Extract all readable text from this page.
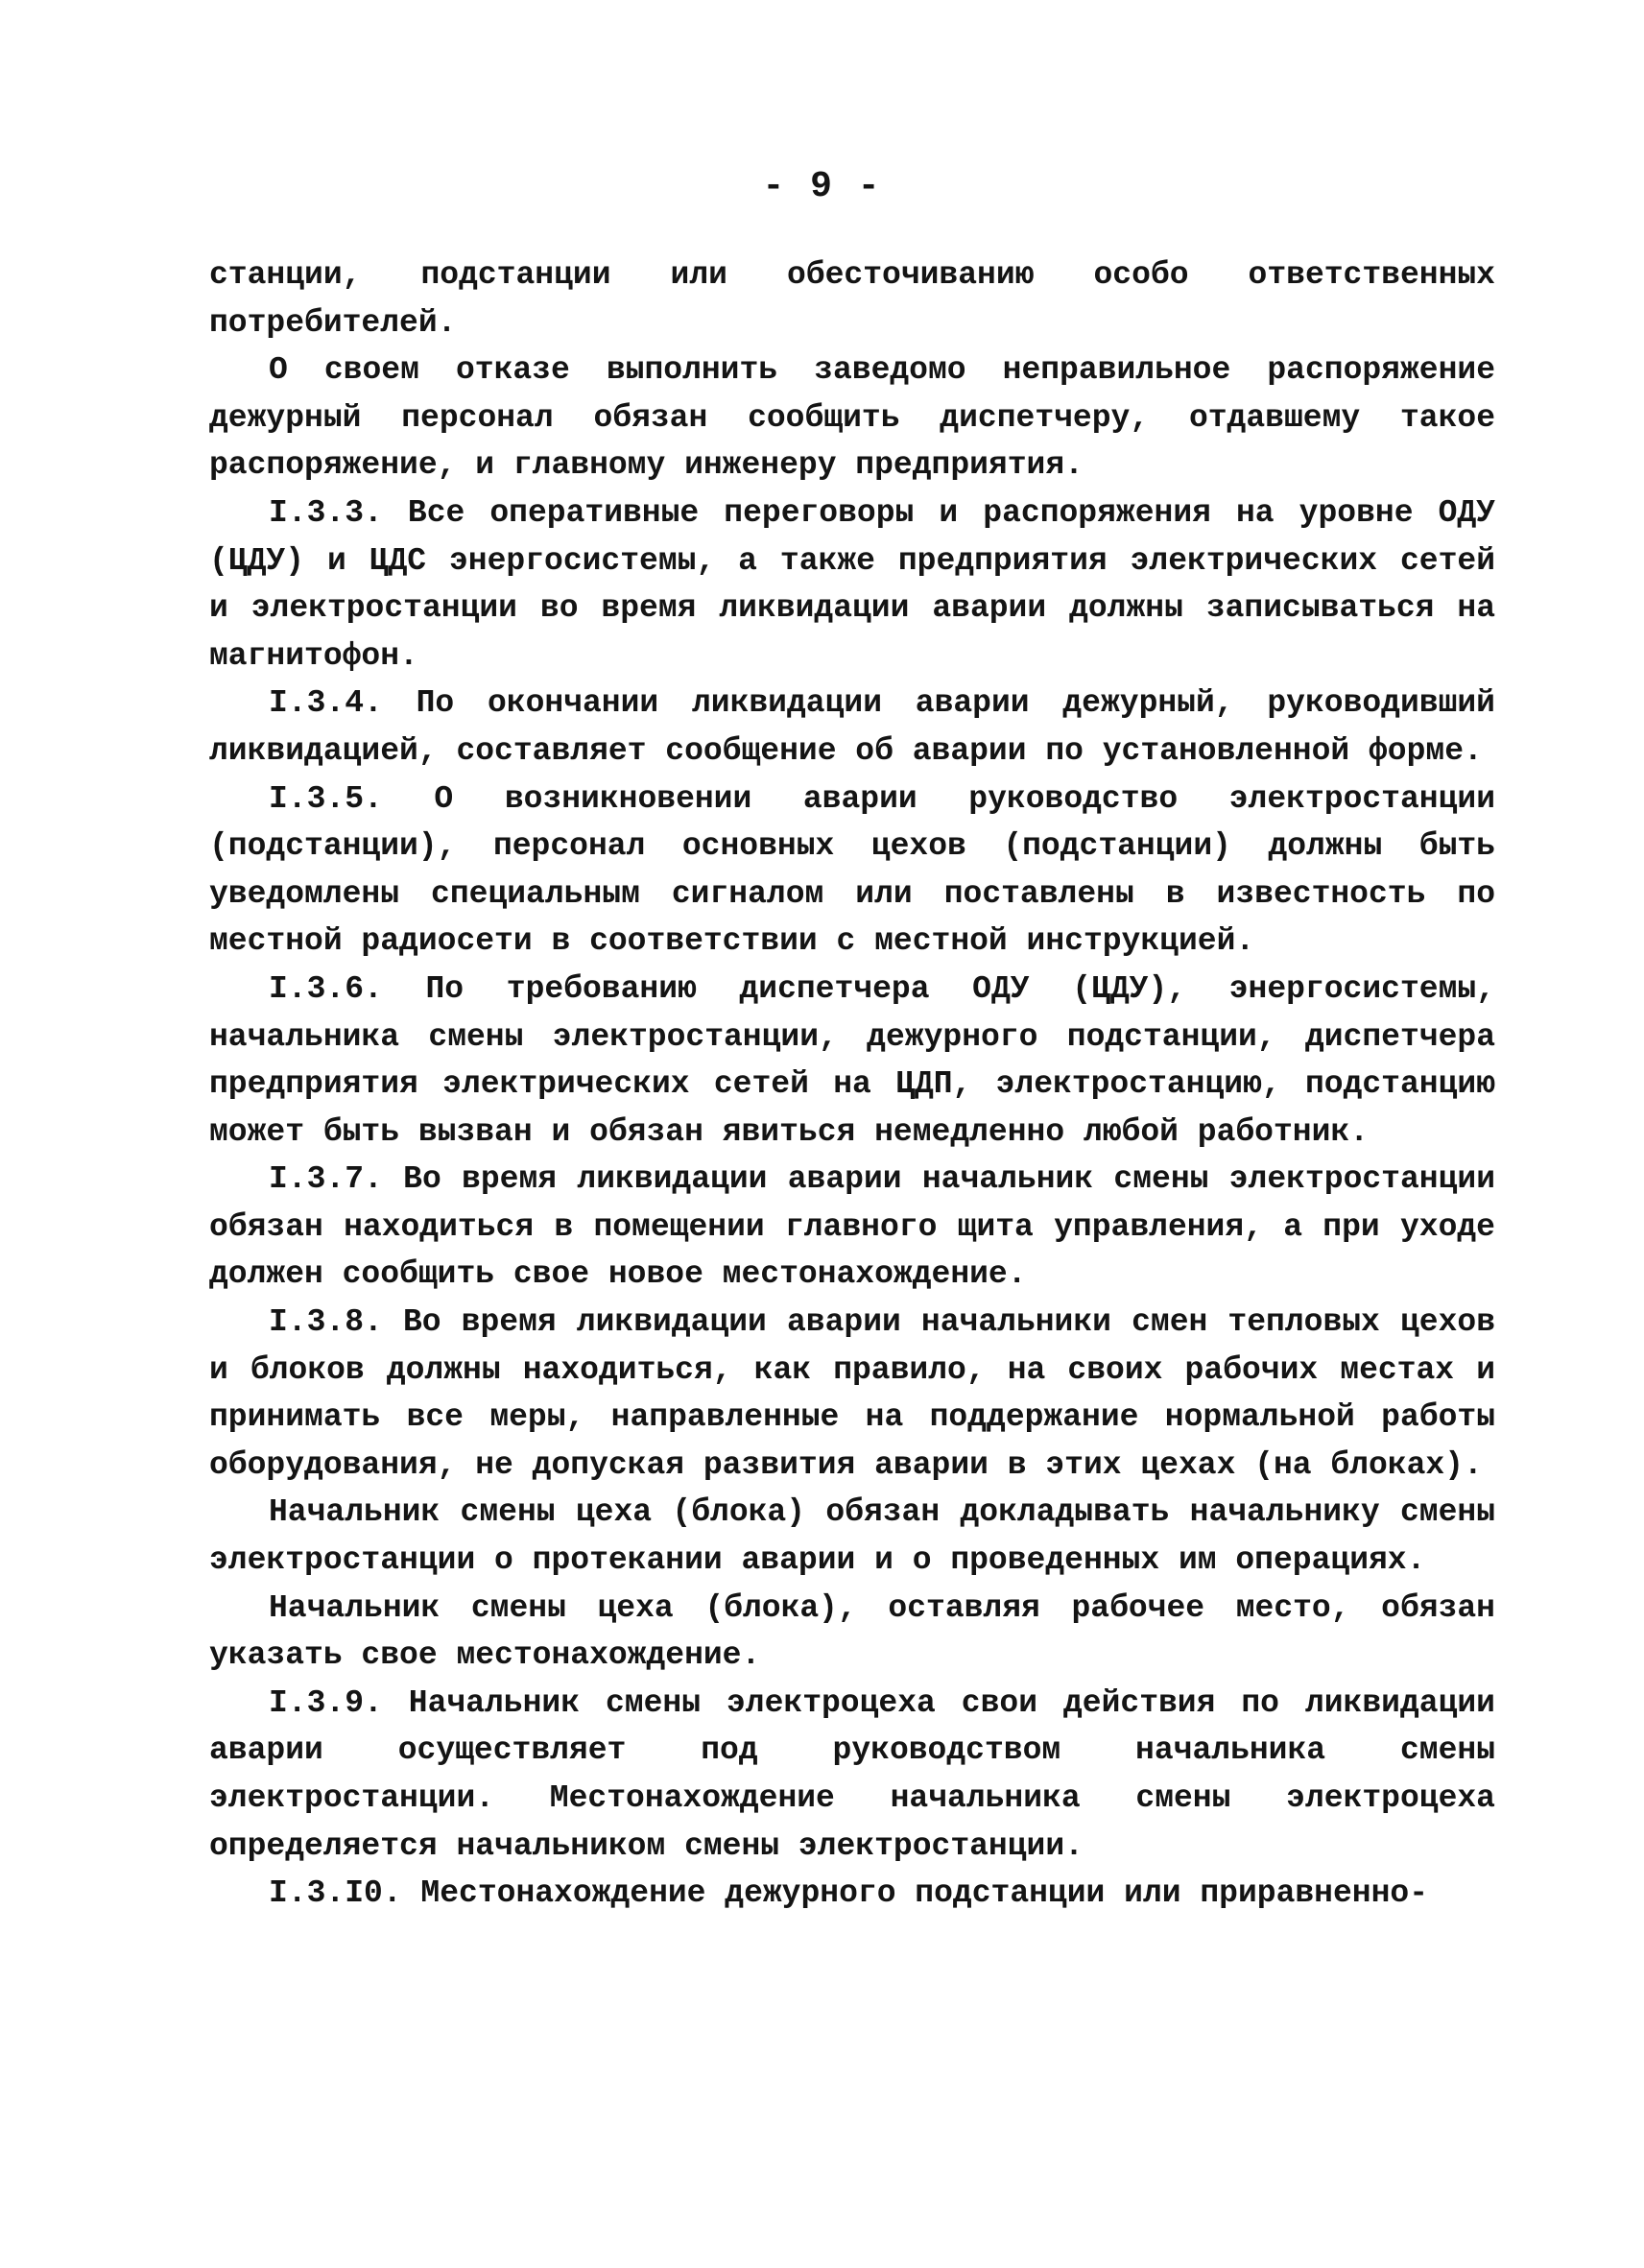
- 9 -

станции, подстанции или обесточиванию особо ответственных потребителей.

О своем отказе выполнить заведомо неправильное распоряжение дежурный персонал обязан сообщить диспетчеру, отдавшему такое распоряжение, и главному инженеру предприятия.

I.3.3. Все оперативные переговоры и распоряжения на уровне ОДУ (ЦДУ) и ЦДС энергосистемы, а также предприятия электрических сетей и электростанции во время ликвидации аварии должны записываться на магнитофон.

I.3.4. По окончании ликвидации аварии дежурный, руководивший ликвидацией, составляет сообщение об аварии по установленной форме.

I.3.5. О возникновении аварии руководство электростанции (подстанции), персонал основных цехов (подстанции) должны быть уведомлены специальным сигналом или поставлены в известность по местной радиосети в соответствии с местной инструкцией.

I.3.6. По требованию диспетчера ОДУ (ЦДУ), энергосистемы, начальника смены электростанции, дежурного подстанции, диспетчера предприятия электрических сетей на ЦДП, электростанцию, подстанцию может быть вызван и обязан явиться немедленно любой работник.

I.3.7. Во время ликвидации аварии начальник смены электростанции обязан находиться в помещении главного щита управления, а при уходе должен сообщить свое новое местонахождение.

I.3.8. Во время ликвидации аварии начальники смен тепловых цехов и блоков должны находиться, как правило, на своих рабочих местах и принимать все меры, направленные на поддержание нормальной работы оборудования, не допуская развития аварии в этих цехах (на блоках).

Начальник смены цеха (блока) обязан докладывать начальнику смены электростанции о протекании аварии и о проведенных им операциях.

Начальник смены цеха (блока), оставляя рабочее место, обязан указать свое местонахождение.

I.3.9. Начальник смены электроцеха свои действия по ликвидации аварии осуществляет под руководством начальника смены электростанции. Местонахождение начальника смены электроцеха определяется начальником смены электростанции.

I.3.I0. Местонахождение дежурного подстанции или приравненно-
